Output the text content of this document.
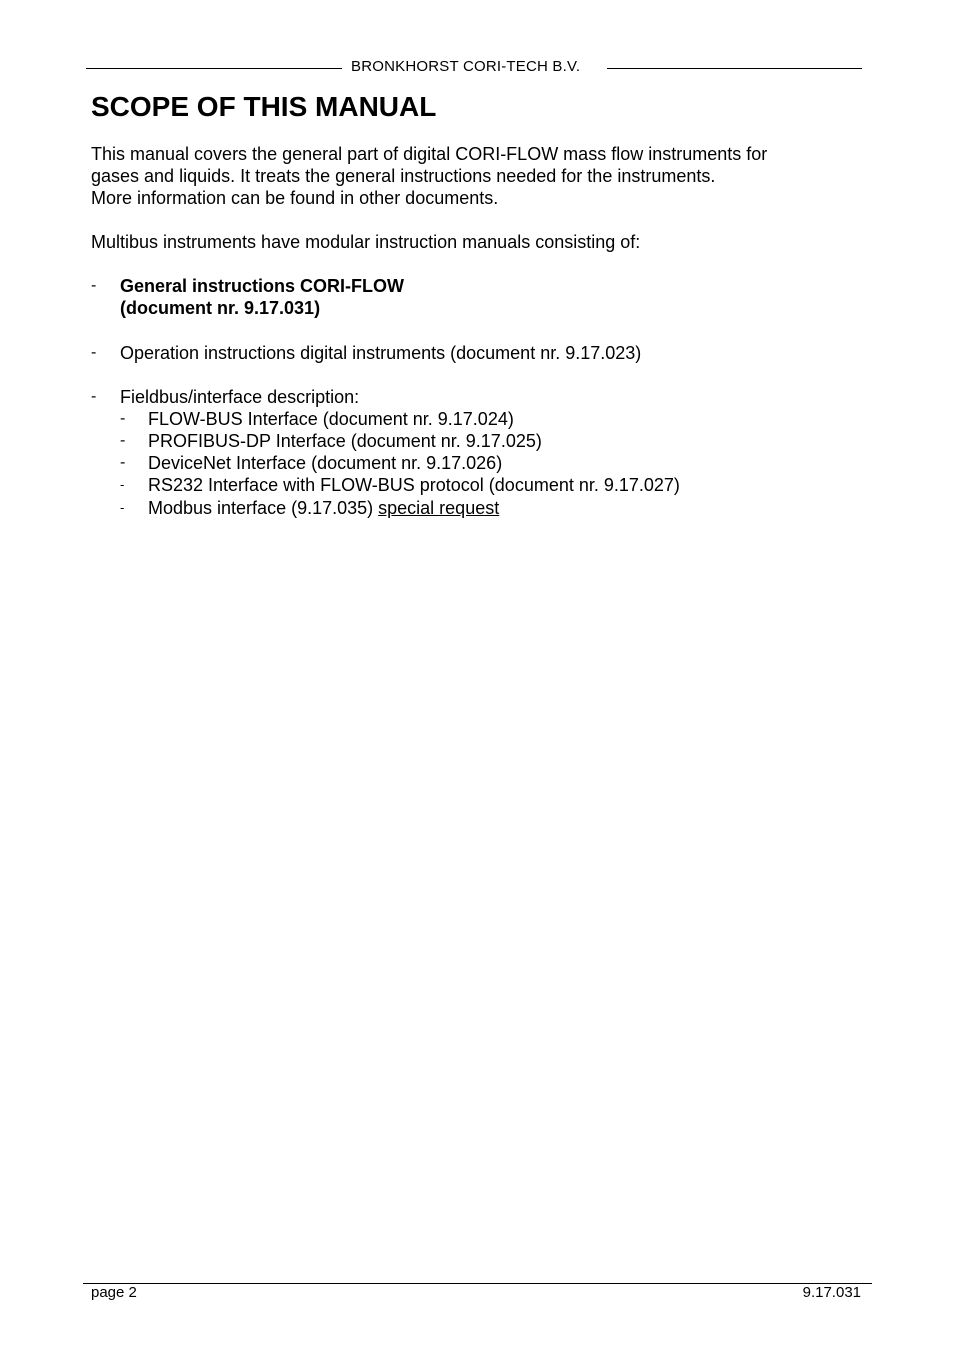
BRONKHORST CORI-TECH B.V.
SCOPE OF THIS MANUAL
This manual covers the general part of digital CORI-FLOW mass flow instruments for
gases and liquids. It treats the general instructions needed for the instruments.
More information can be found in other documents.
Multibus instruments have modular instruction manuals consisting of:
- General instructions CORI-FLOW
(document nr. 9.17.031)
- Operation instructions digital instruments (document nr. 9.17.023)
- Fieldbus/interface description:
- FLOW-BUS Interface (document nr. 9.17.024)
- PROFIBUS-DP Interface (document nr. 9.17.025)
- DeviceNet Interface (document nr. 9.17.026)
- RS232 Interface with FLOW-BUS protocol (document nr. 9.17.027)
- Modbus interface (9.17.035) special request
page 2	9.17.031
